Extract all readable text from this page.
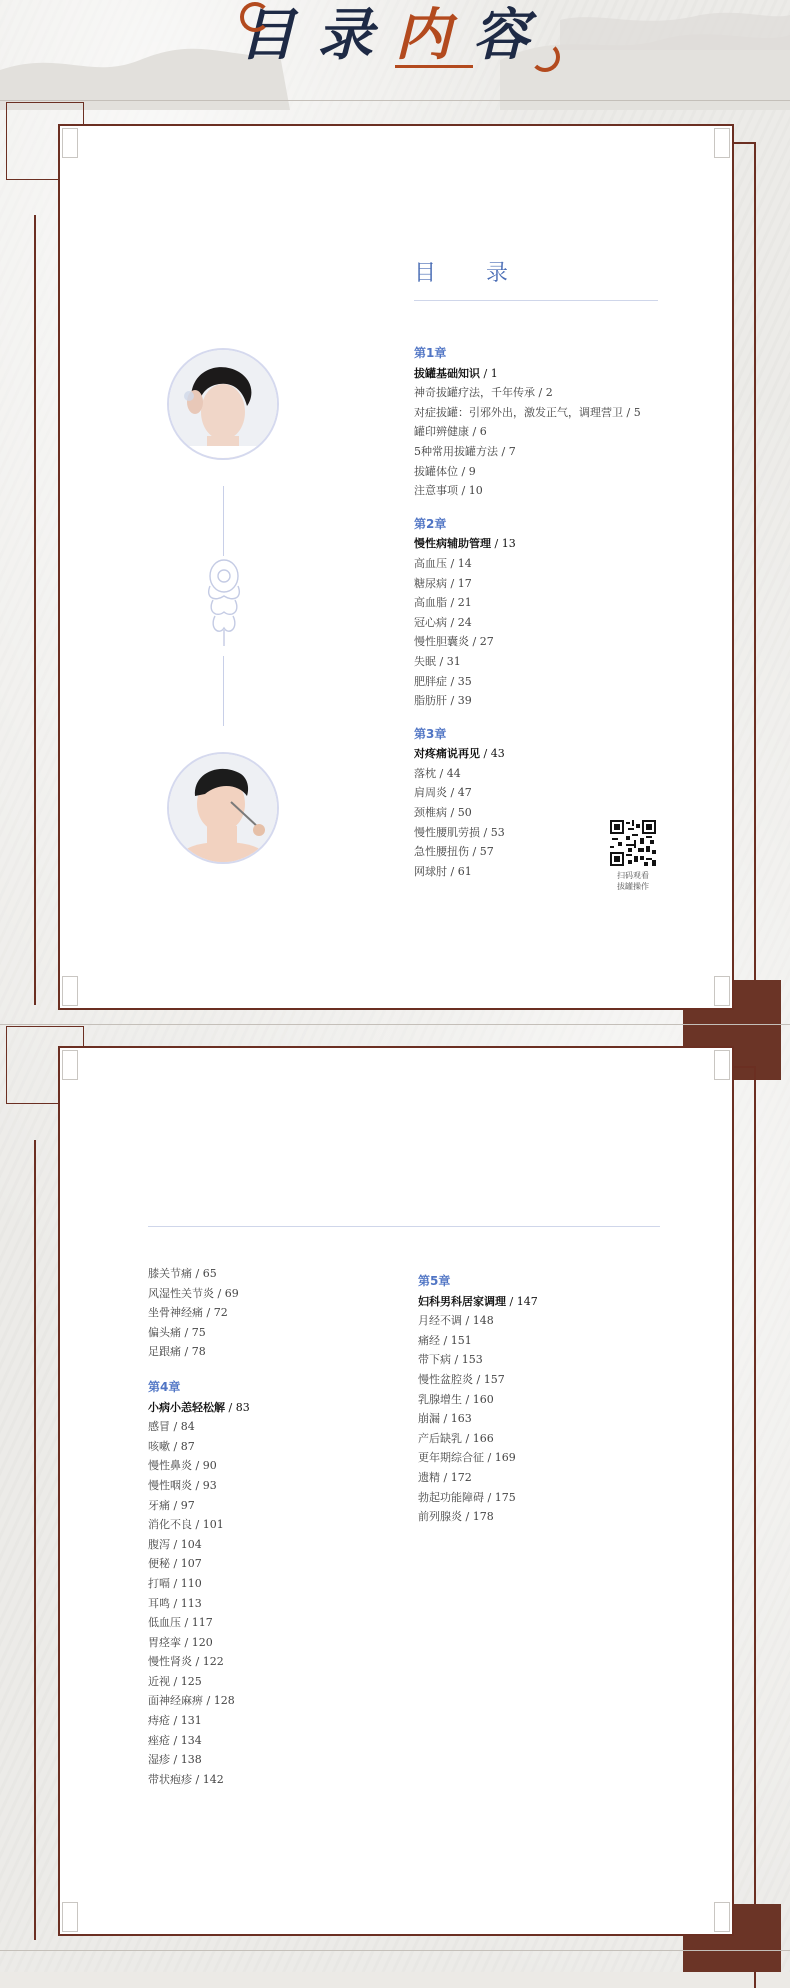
目录内容
目　录
第1章
拔罐基础知识 / 1
神奇拔罐疗法，千年传承 / 2
对症拔罐：引邪外出，激发正气，调理营卫 / 5
罐印辨健康 / 6
5种常用拔罐方法 / 7
拔罐体位 / 9
注意事项 / 10
第2章
慢性病辅助管理 / 13
高血压 / 14
糖尿病 / 17
高血脂 / 21
冠心病 / 24
慢性胆囊炎 / 27
失眠 / 31
肥胖症 / 35
脂肪肝 / 39
第3章
对疼痛说再见 / 43
落枕 / 44
肩周炎 / 47
颈椎病 / 50
慢性腰肌劳损 / 53
急性腰扭伤 / 57
网球肘 / 61	扫码观看
拔罐操作
膝关节痛 / 65
风湿性关节炎 / 69
坐骨神经痛 / 72
偏头痛 / 75
足跟痛 / 78
第4章
小病小恙轻松解 / 83
感冒 / 84
咳嗽 / 87
慢性鼻炎 / 90
慢性咽炎 / 93
牙痛 / 97
消化不良 / 101
腹泻 / 104
便秘 / 107
打嗝 / 110
耳鸣 / 113
低血压 / 117
胃痉挛 / 120
慢性肾炎 / 122
近视 / 125
面神经麻痹 / 128
痔疮 / 131
痤疮 / 134
湿疹 / 138
带状疱疹 / 142
第5章
妇科男科居家调理 / 147
月经不调 / 148
痛经 / 151
带下病 / 153
慢性盆腔炎 / 157
乳腺增生 / 160
崩漏 / 163
产后缺乳 / 166
更年期综合征 / 169
遗精 / 172
勃起功能障碍 / 175
前列腺炎 / 178
